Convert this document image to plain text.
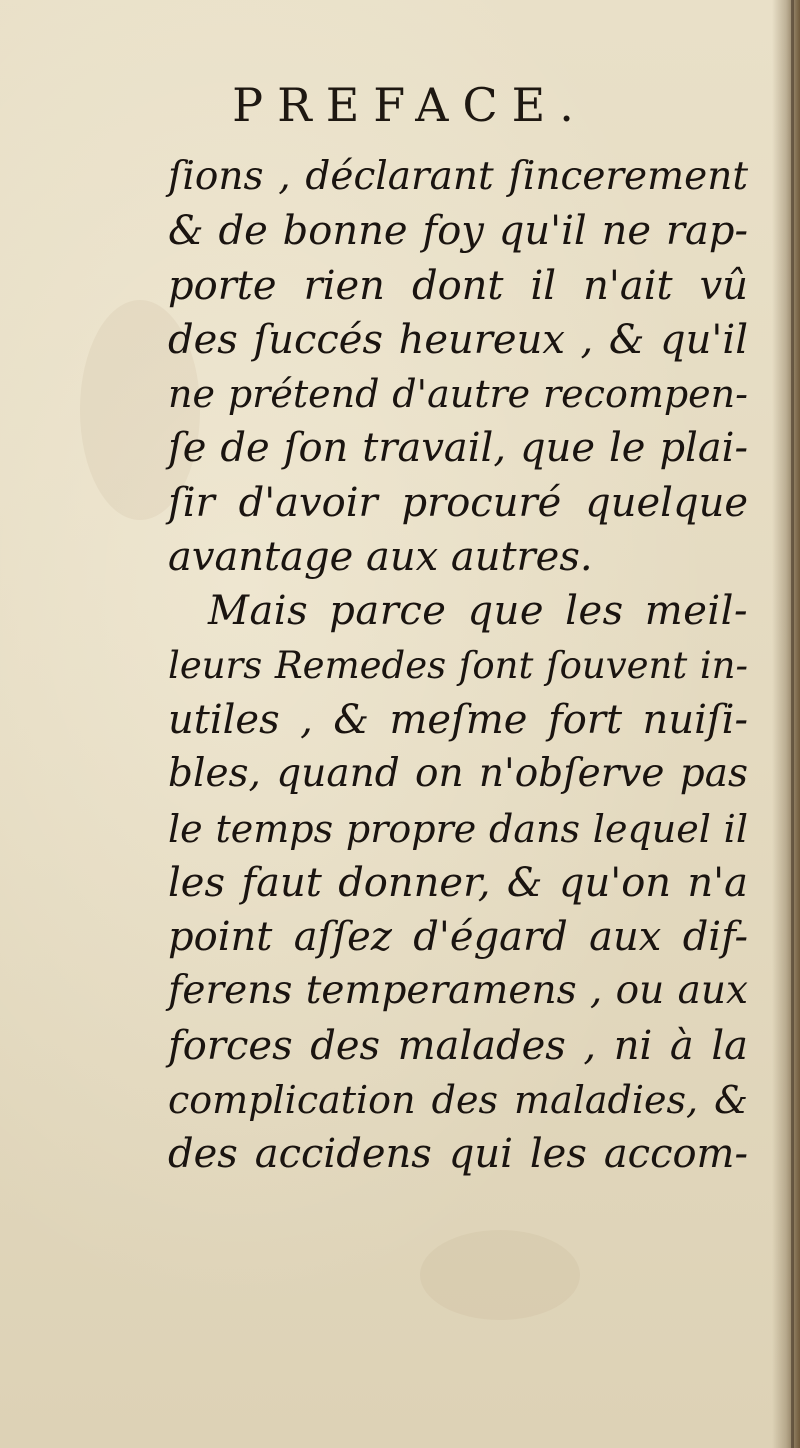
PREFACE.
ſions , déclarant ſincerement
& de bonne foy qu'il ne rap-
porte rien dont il n'ait vû
des ſuccés heureux , & qu'il
ne prétend d'autre recompen-
ſe de ſon travail, que le plai-
ſir d'avoir procuré quelque
avantage aux autres.
Mais parce que les meil-
leurs Remedes ſont ſouvent in-
utiles , & meſme fort nuiſi-
bles, quand on n'obſerve pas
le temps propre dans lequel il
les faut donner, & qu'on n'a
point aſſez d'égard aux dif-
ferens temperamens , ou aux
forces des malades , ni à la
complication des maladies, &
des accidens qui les accom-
